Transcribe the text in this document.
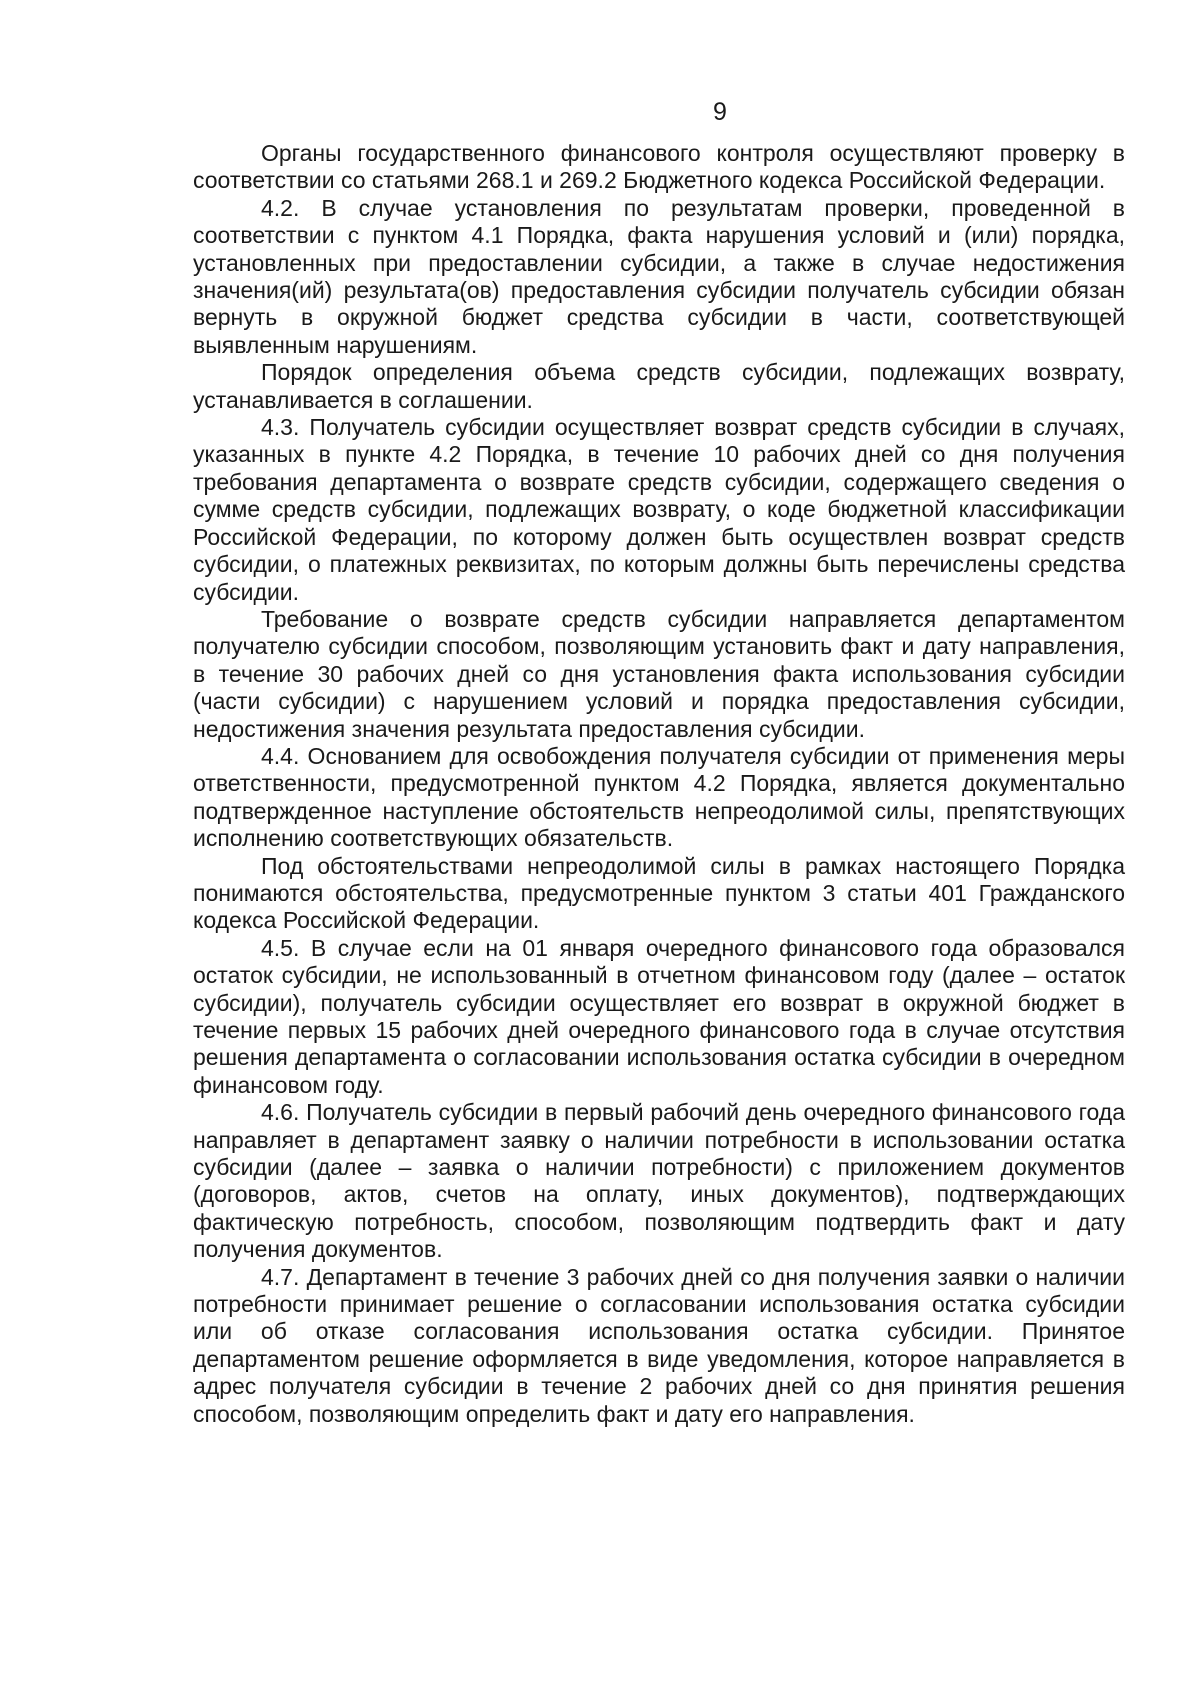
9

Органы государственного финансового контроля осуществляют проверку в соответствии со статьями 268.1 и 269.2 Бюджетного кодекса Российской Федерации.

4.2. В случае установления по результатам проверки, проведенной в соответствии с пунктом 4.1 Порядка, факта нарушения условий и (или) порядка, установленных при предоставлении субсидии, а также в случае недостижения значения(ий) результата(ов) предоставления субсидии получатель субсидии обязан вернуть в окружной бюджет средства субсидии в части, соответствующей выявленным нарушениям.

Порядок определения объема средств субсидии, подлежащих возврату, устанавливается в соглашении.

4.3. Получатель субсидии осуществляет возврат средств субсидии в случаях, указанных в пункте 4.2 Порядка, в течение 10 рабочих дней со дня получения требования департамента о возврате средств субсидии, содержащего сведения о сумме средств субсидии, подлежащих возврату, о коде бюджетной классификации Российской Федерации, по которому должен быть осуществлен возврат средств субсидии, о платежных реквизитах, по которым должны быть перечислены средства субсидии.

Требование о возврате средств субсидии направляется департаментом получателю субсидии способом, позволяющим установить факт и дату направления, в течение 30 рабочих дней со дня установления факта использования субсидии (части субсидии) с нарушением условий и порядка предоставления субсидии, недостижения значения результата предоставления субсидии.

4.4. Основанием для освобождения получателя субсидии от применения меры ответственности, предусмотренной пунктом 4.2 Порядка, является документально подтвержденное наступление обстоятельств непреодолимой силы, препятствующих исполнению соответствующих обязательств.

Под обстоятельствами непреодолимой силы в рамках настоящего Порядка понимаются обстоятельства, предусмотренные пунктом 3 статьи 401 Гражданского кодекса Российской Федерации.

4.5. В случае если на 01 января очередного финансового года образовался остаток субсидии, не использованный в отчетном финансовом году (далее – остаток субсидии), получатель субсидии осуществляет его возврат в окружной бюджет в течение первых 15 рабочих дней очередного финансового года в случае отсутствия решения департамента о согласовании использования остатка субсидии в очередном финансовом году.

4.6. Получатель субсидии в первый рабочий день очередного финансового года направляет в департамент заявку о наличии потребности в использовании остатка субсидии (далее – заявка о наличии потребности) с приложением документов (договоров, актов, счетов на оплату, иных документов), подтверждающих фактическую потребность, способом, позволяющим подтвердить факт и дату получения документов.

4.7. Департамент в течение 3 рабочих дней со дня получения заявки о наличии потребности принимает решение о согласовании использования остатка субсидии или об отказе согласования использования остатка субсидии. Принятое департаментом решение оформляется в виде уведомления, которое направляется в адрес получателя субсидии в течение 2 рабочих дней со дня принятия решения способом, позволяющим определить факт и дату его направления.
